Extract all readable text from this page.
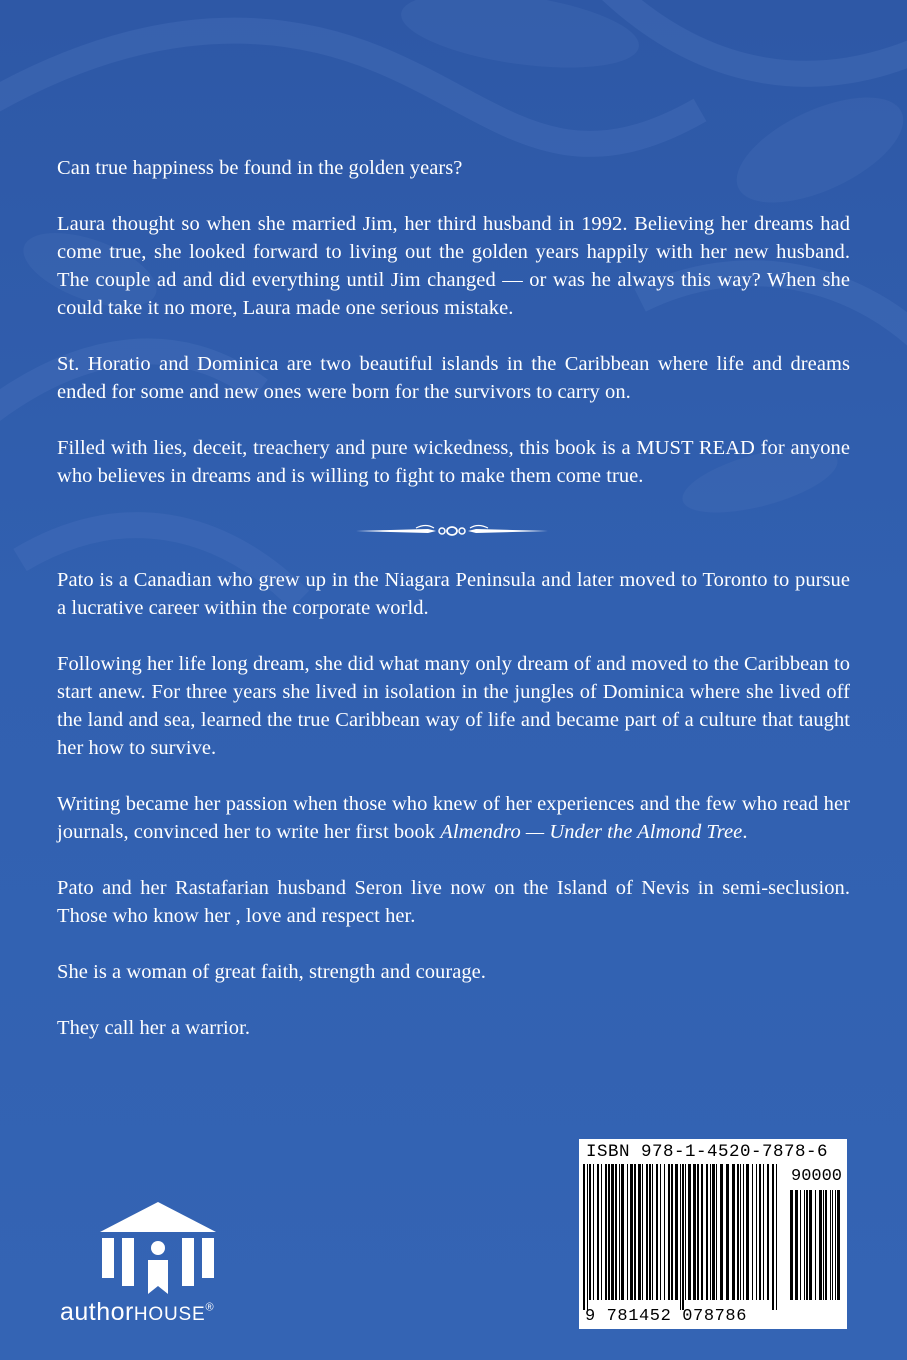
Can true happiness be found in the golden years?

Laura thought so when she married Jim, her third husband in 1992. Believing her dreams had come true, she looked forward to living out the golden years happily with her new husband. The couple ad and did everything until Jim changed — or was he always this way? When she could take it no more, Laura made one serious mistake.

St. Horatio and Dominica are two beautiful islands in the Caribbean where life and dreams ended for some and new ones were born for the survivors to carry on.

Filled with lies, deceit, treachery and pure wickedness, this book is a MUST READ for anyone who believes in dreams and is willing to fight to make them come true.

Pato is a Canadian who grew up in the Niagara Peninsula and later moved to Toronto to pursue a lucrative career within the corporate world.

Following her life long dream, she did what many only dream of and moved to the Caribbean to start anew. For three years she lived in isolation in the jungles of Dominica where she lived off the land and sea, learned the true Caribbean way of life and became part of a culture that taught her how to survive.

Writing became her passion when those who knew of her experiences and the few who read her journals, convinced her to write her first book Almendro — Under the Almond Tree.

Pato and her Rastafarian husband Seron live now on the Island of Nevis in semi-seclusion. Those who know her , love and respect her.

She is a woman of great faith, strength and courage.

They call her a warrior.

authorHOUSE®
ISBN 978-1-4520-7878-6
90000
9 781452 078786
